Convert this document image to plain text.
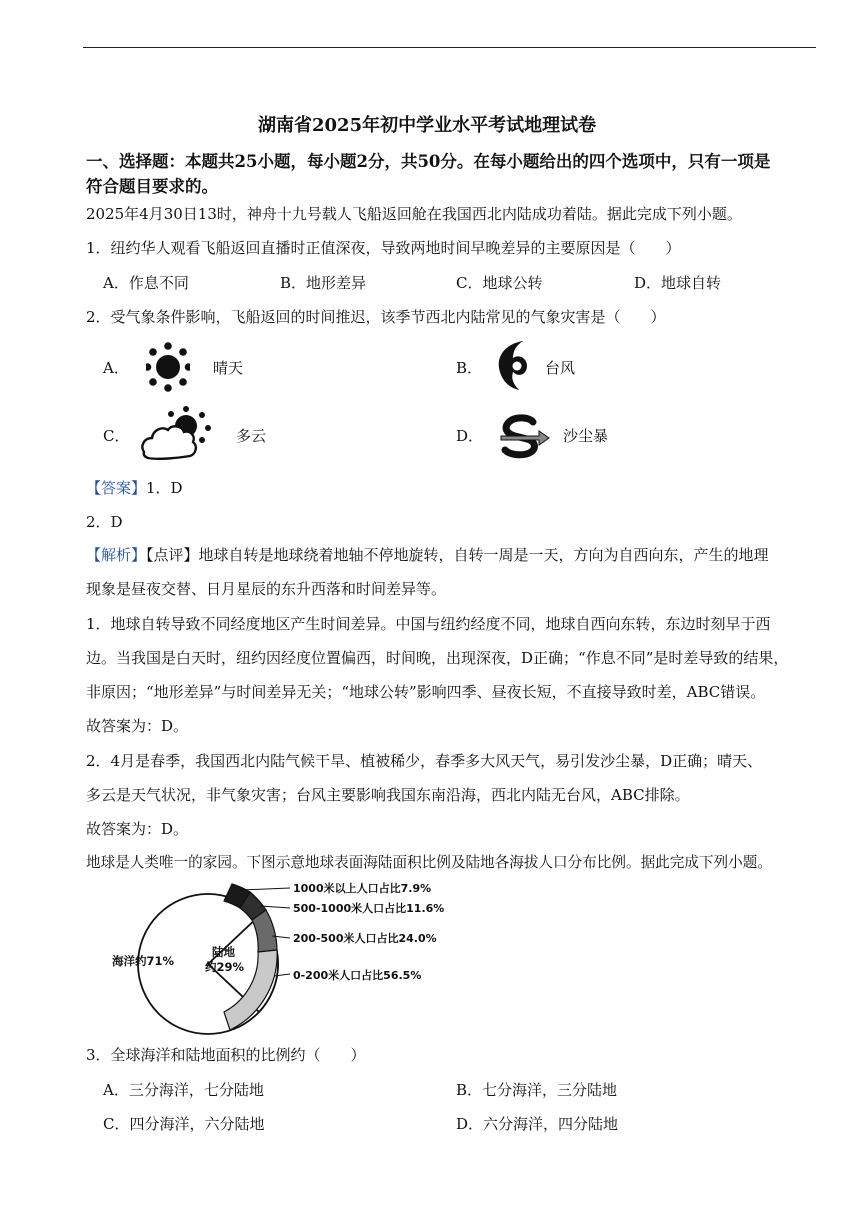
湖南省2025年初中学业水平考试地理试卷
一、选择题：本题共25小题，每小题2分，共50分。在每小题给出的四个选项中，只有一项是
符合题目要求的。
2025年4月30日13时，神舟十九号载人飞船返回舱在我国西北内陆成功着陆。据此完成下列小题。
1．纽约华人观看飞船返回直播时正值深夜，导致两地时间早晚差异的主要原因是（　　）
A．作息不同	B．地形差异	C．地球公转	D．地球自转
2．受气象条件影响，飞船返回的时间推迟，该季节西北内陆常见的气象灾害是（　　）
A．	晴天	B．	台风
C．	多云	D．	沙尘暴
【答案】1．D
2．D
【解析】【点评】地球自转是地球绕着地轴不停地旋转，自转一周是一天，方向为自西向东，产生的地理
现象是昼夜交替、日月星辰的东升西落和时间差异等。
1．地球自转导致不同经度地区产生时间差异。中国与纽约经度不同，地球自西向东转，东边时刻早于西
边。当我国是白天时，纽约因经度位置偏西，时间晚，出现深夜，D正确；“作息不同”是时差导致的结果，
非原因；“地形差异”与时间差异无关；“地球公转”影响四季、昼夜长短，不直接导致时差，ABC错误。
故答案为：D。
2．4月是春季，我国西北内陆气候干旱、植被稀少，春季多大风天气，易引发沙尘暴，D正确；晴天、
多云是天气状况，非气象灾害；台风主要影响我国东南沿海，西北内陆无台风，ABC排除。
故答案为：D。
地球是人类唯一的家园。下图示意地球表面海陆面积比例及陆地各海拔人口分布比例。据此完成下列小题。
海洋约71%
陆地
约29%
1000米以上人口占比7.9%
500-1000米人口占比11.6%
200-500米人口占比24.0%
0-200米人口占比56.5%
3．全球海洋和陆地面积的比例约（　　）
A．三分海洋，七分陆地	B．七分海洋，三分陆地
C．四分海洋，六分陆地	D．六分海洋，四分陆地
